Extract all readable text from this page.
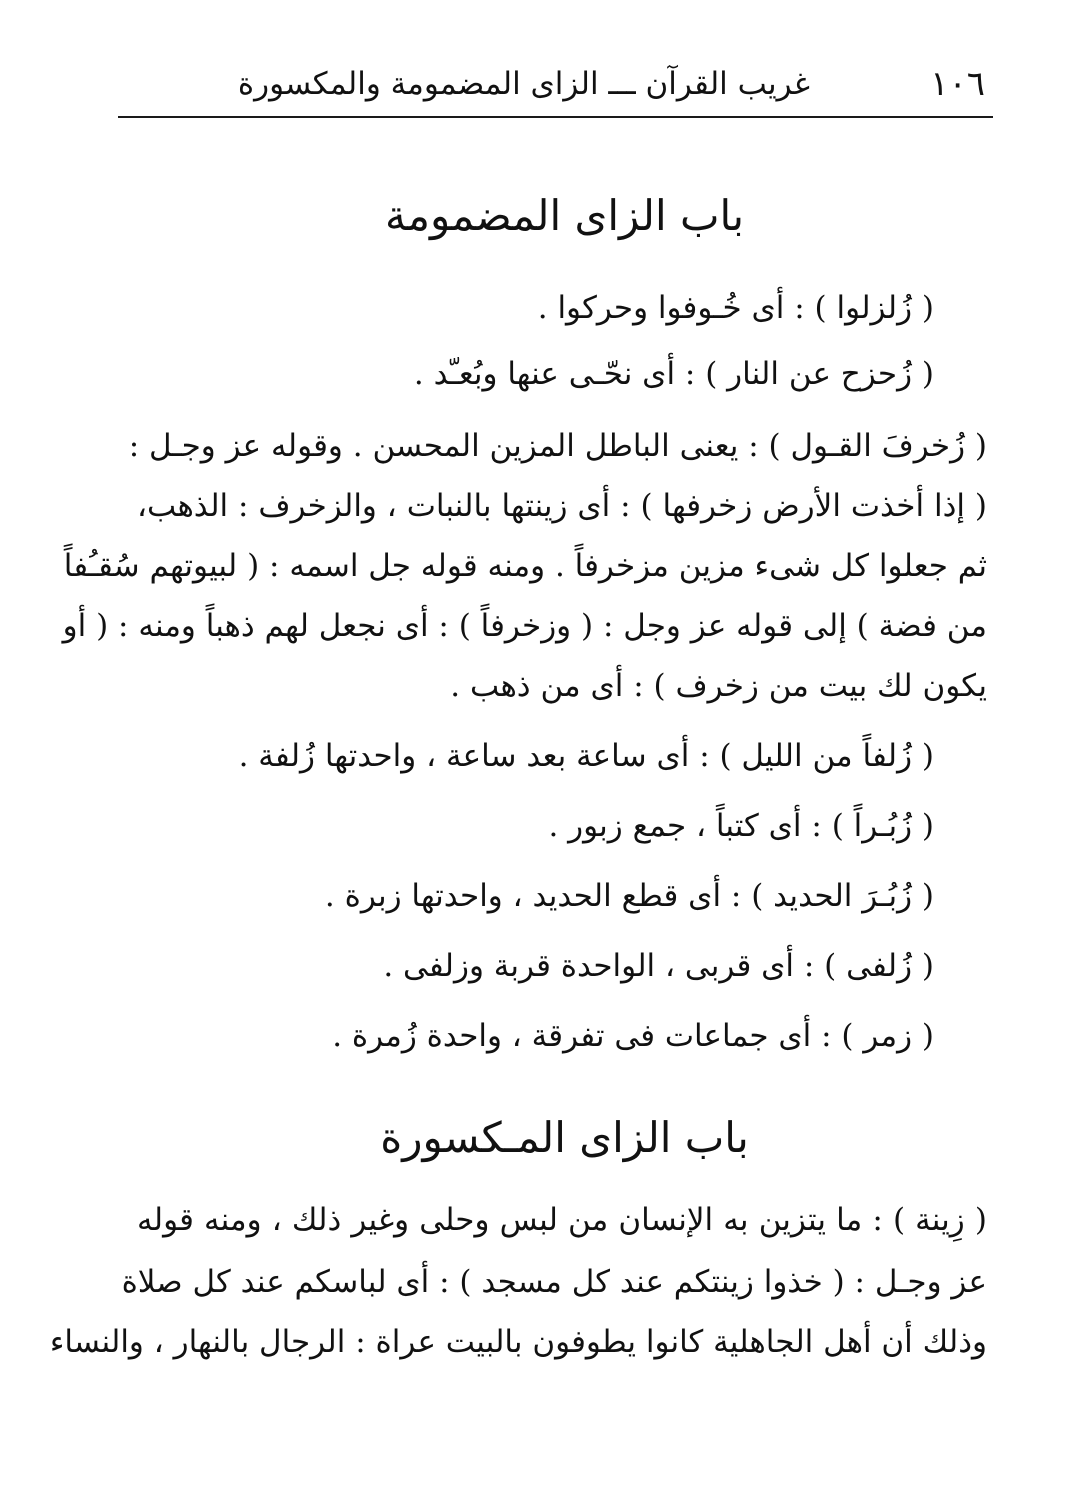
١٠٦
غريب القرآن ـــ الزاى المضمومة والمكسورة
باب الزاى المضمومة
( زُلزلوا ) : أى خُـوفوا وحركوا .
( زُحزح عن النار ) : أى نحّـى عنها وبُعـّد .
( زُخرفَ القـول ) : يعنى الباطل المزين المحسن . وقوله عز وجـل :
( إذا أخذت الأرض زخرفها ) : أى زينتها بالنبات ، والزخرف : الذهب،
ثم جعلوا كل شىء مزين مزخرفاً . ومنه قوله جل اسمه : ( لبيوتهم سُقـُفاً
من فضة ) إلى قوله عز وجل : ( وزخرفاً ) : أى نجعل لهم ذهباً ومنه : ( أو
يكون لك بيت من زخرف ) : أى من ذهب .
( زُلفاً من الليل ) : أى ساعة بعد ساعة ، واحدتها زُلفة .
( زُبُـراً ) : أى كتباً ، جمع زبور .
( زُبُـرَ الحديد ) : أى قطع الحديد ، واحدتها زبرة .
( زُلفى ) : أى قربى ، الواحدة قربة وزلفى .
( زمر ) : أى جماعات فى تفرقة ، واحدة زُمرة .
باب الزاى المـكسورة
( زِينة ) : ما يتزين به الإنسان من لبس وحلى وغير ذلك ، ومنه قوله
عز وجـل : ( خذوا زينتكم عند كل مسجد ) : أى لباسكم عند كل صلاة
وذلك أن أهل الجاهلية كانوا يطوفون بالبيت عراة : الرجال بالنهار ، والنساء
